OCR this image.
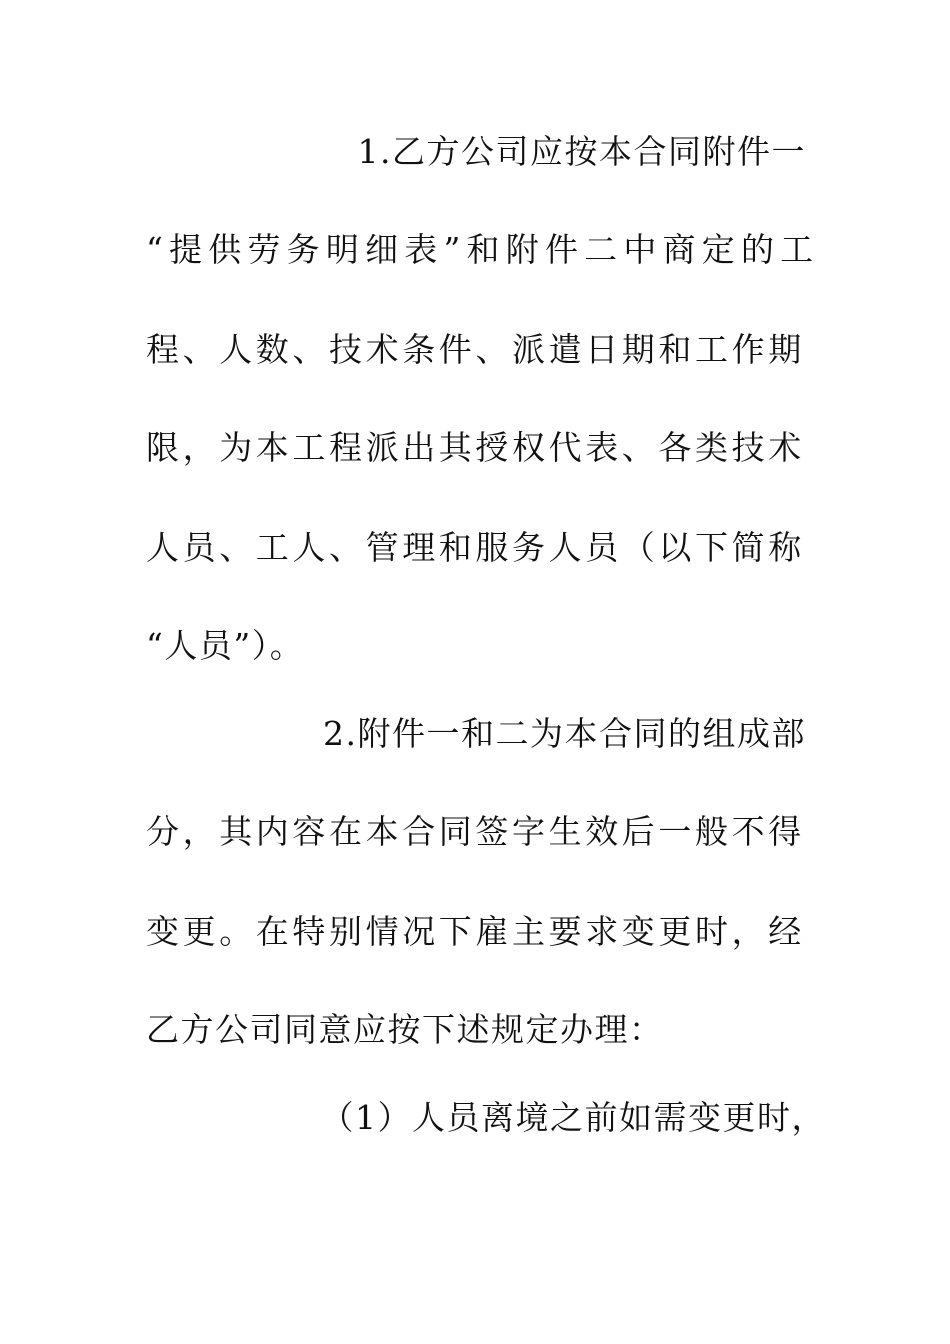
1.乙方公司应按本合同附件一
“提供劳务明细表”和附件二中商定的工
程、人数、技术条件、派遣日期和工作期
限，为本工程派出其授权代表、各类技术
人员、工人、管理和服务人员（以下简称
“人员”）。
2.附件一和二为本合同的组成部
分，其内容在本合同签字生效后一般不得
变更。在特别情况下雇主要求变更时，经
乙方公司同意应按下述规定办理：
（1）人员离境之前如需变更时，
